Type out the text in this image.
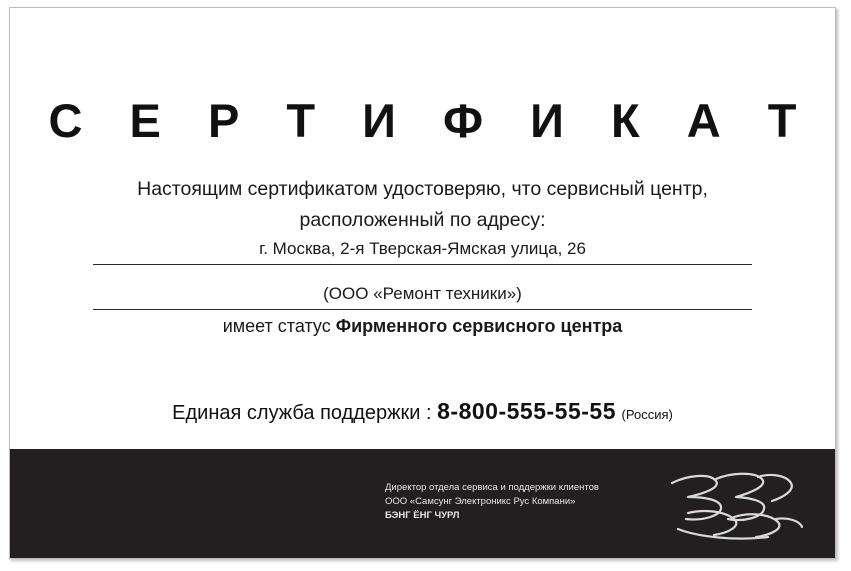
С Е Р Т И Ф И К А Т
Настоящим сертификатом удостоверяю, что сервисный центр,
расположенный по адресу:
г. Москва, 2-я Тверская-Ямская улица, 26
(ООО «Ремонт техники»)
имеет статус Фирменного сервисного центра
Единая служба поддержки : 8-800-555-55-55 (Россия)
Директор отдела сервиса и поддержки клиентов
ООО «Самсунг Электроникс Рус Компани»
БЭНГ ЁНГ ЧУРЛ
